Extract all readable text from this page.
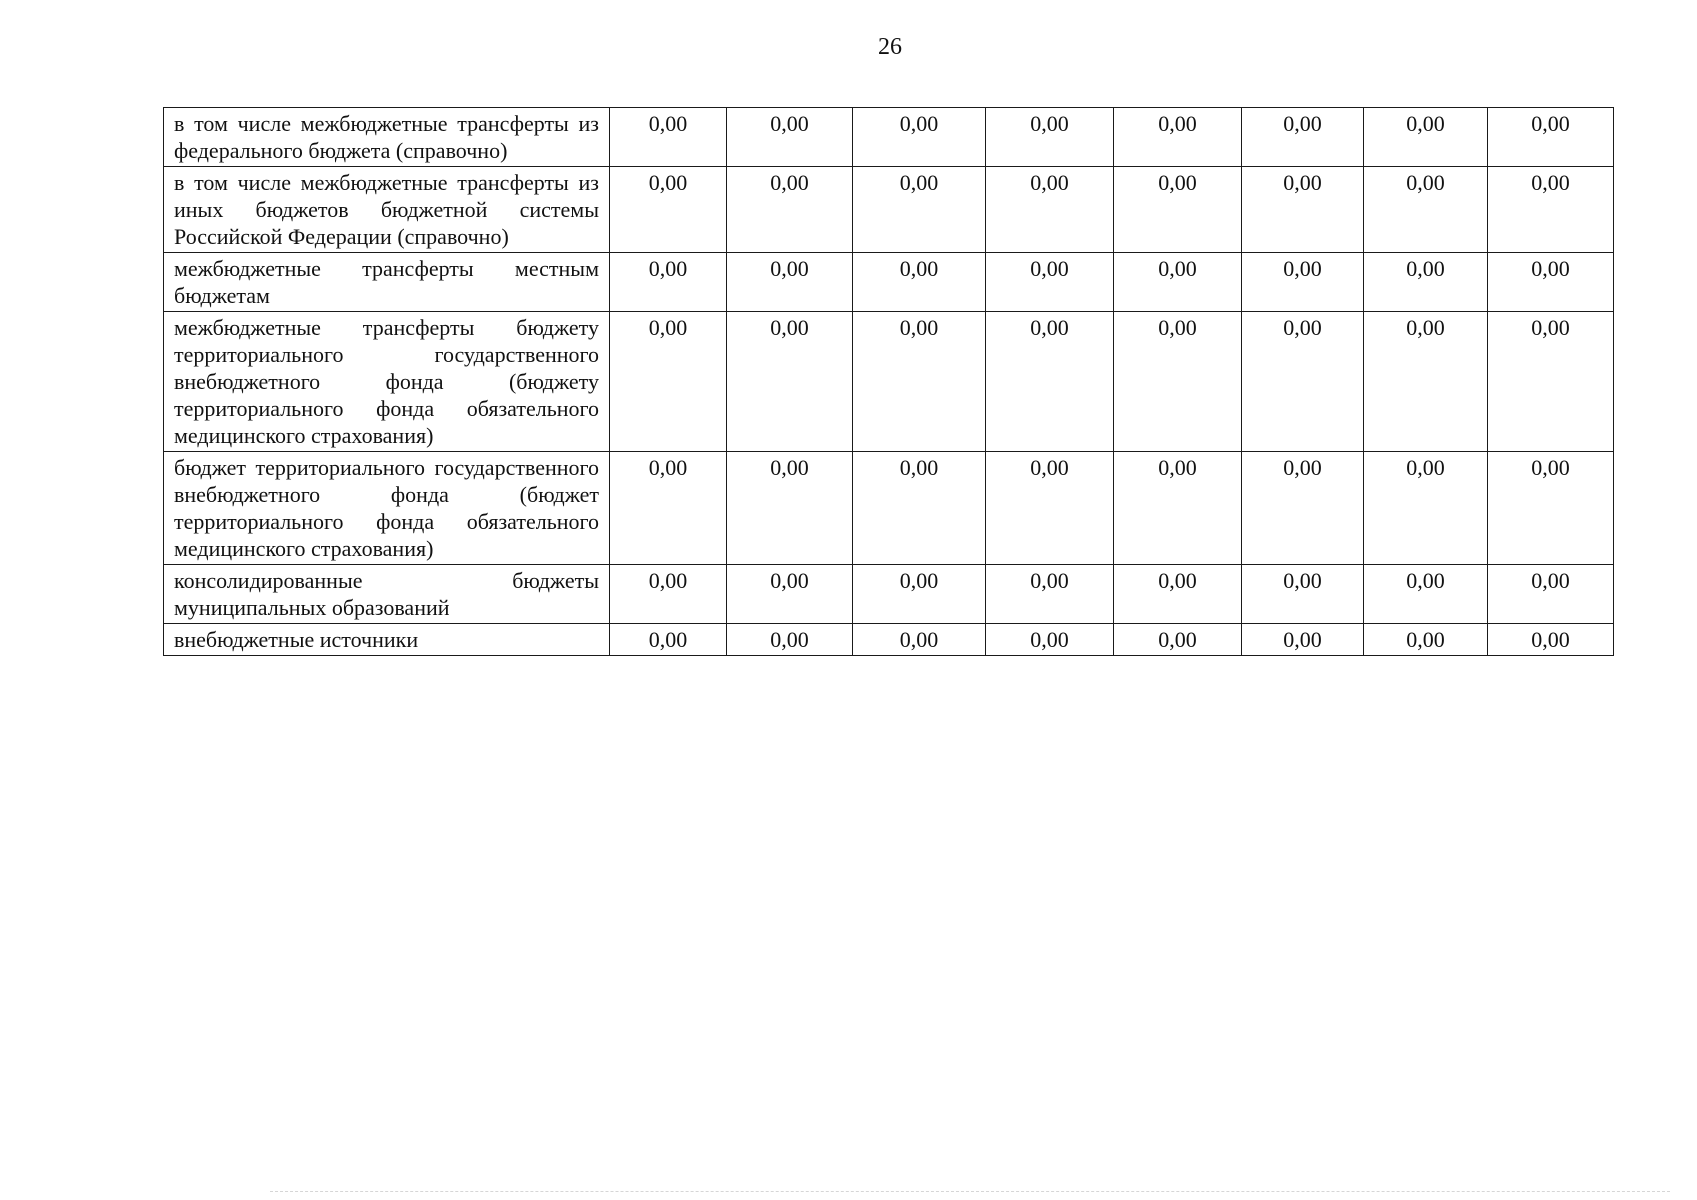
26
в том числе межбюджетные трансферты из федерального бюджета (справочно)	0,00	0,00	0,00	0,00	0,00	0,00	0,00	0,00
в том числе межбюджетные трансферты из иных бюджетов бюджетной системы Российской Федерации (справочно)	0,00	0,00	0,00	0,00	0,00	0,00	0,00	0,00
межбюджетные трансферты местным бюджетам	0,00	0,00	0,00	0,00	0,00	0,00	0,00	0,00
межбюджетные трансферты бюджету территориального государственного внебюджетного фонда (бюджету территориального фонда обязательного медицинского страхования)	0,00	0,00	0,00	0,00	0,00	0,00	0,00	0,00
бюджет территориального государственного внебюджетного фонда (бюджет территориального фонда обязательного медицинского страхования)	0,00	0,00	0,00	0,00	0,00	0,00	0,00	0,00
консолидированные бюджеты муниципальных образований	0,00	0,00	0,00	0,00	0,00	0,00	0,00	0,00
внебюджетные источники	0,00	0,00	0,00	0,00	0,00	0,00	0,00	0,00
